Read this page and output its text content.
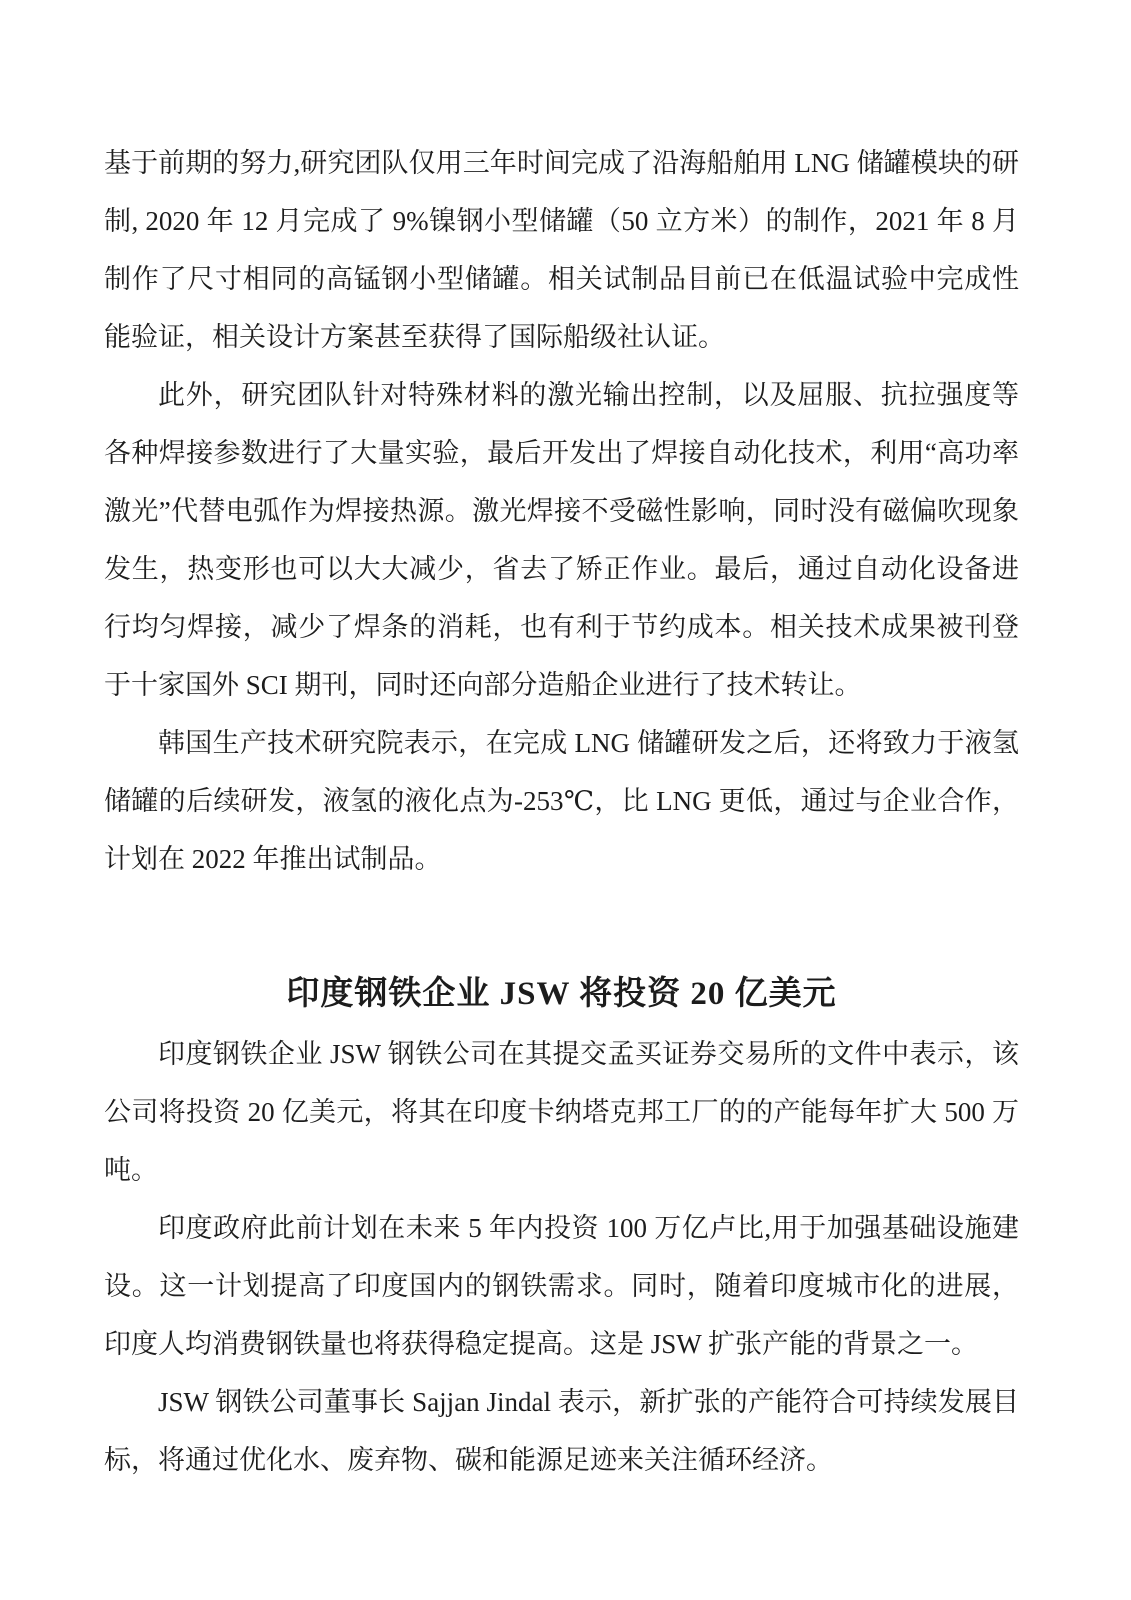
基于前期的努力,研究团队仅用三年时间完成了沿海船舶用 LNG 储罐模块的研制, 2020 年 12 月完成了 9%镍钢小型储罐（50 立方米）的制作，2021 年 8 月制作了尺寸相同的高锰钢小型储罐。相关试制品目前已在低温试验中完成性能验证，相关设计方案甚至获得了国际船级社认证。

此外，研究团队针对特殊材料的激光输出控制，以及屈服、抗拉强度等各种焊接参数进行了大量实验，最后开发出了焊接自动化技术，利用“高功率激光”代替电弧作为焊接热源。激光焊接不受磁性影响，同时没有磁偏吹现象发生，热变形也可以大大减少，省去了矫正作业。最后，通过自动化设备进行均匀焊接，减少了焊条的消耗，也有利于节约成本。相关技术成果被刊登于十家国外 SCI 期刊，同时还向部分造船企业进行了技术转让。

韩国生产技术研究院表示，在完成 LNG 储罐研发之后，还将致力于液氢储罐的后续研发，液氢的液化点为-253℃，比 LNG 更低，通过与企业合作，计划在 2022 年推出试制品。

印度钢铁企业 JSW 将投资 20 亿美元

印度钢铁企业 JSW 钢铁公司在其提交孟买证券交易所的文件中表示，该公司将投资 20 亿美元，将其在印度卡纳塔克邦工厂的的产能每年扩大 500 万吨。

印度政府此前计划在未来 5 年内投资 100 万亿卢比,用于加强基础设施建设。这一计划提高了印度国内的钢铁需求。同时，随着印度城市化的进展，印度人均消费钢铁量也将获得稳定提高。这是 JSW 扩张产能的背景之一。

JSW 钢铁公司董事长 Sajjan Jindal 表示，新扩张的产能符合可持续发展目标，将通过优化水、废弃物、碳和能源足迹来关注循环经济。
